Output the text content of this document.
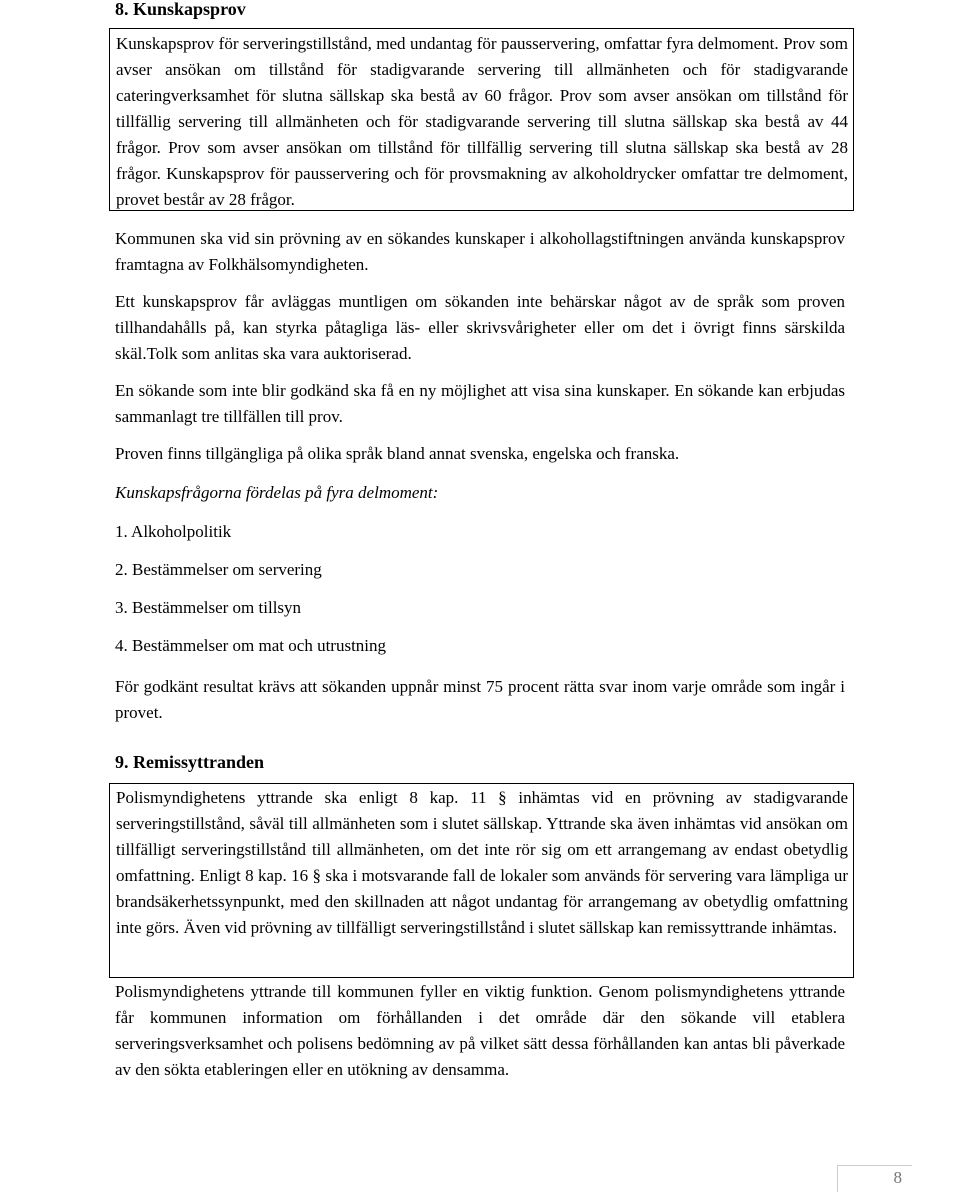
8. Kunskapsprov

Kunskapsprov för serveringstillstånd, med undantag för pausservering, omfattar fyra delmoment. Prov som avser ansökan om tillstånd för stadigvarande servering till allmänheten och för stadigvarande cateringverksamhet för slutna sällskap ska bestå av 60 frågor. Prov som avser ansökan om tillstånd för tillfällig servering till allmänheten och för stadigvarande servering till slutna sällskap ska bestå av 44 frågor. Prov som avser ansökan om tillstånd för tillfällig servering till slutna sällskap ska bestå av 28 frågor. Kunskapsprov för pausservering och för provsmakning av alkoholdrycker omfattar tre delmoment, provet består av 28 frågor.

Kommunen ska vid sin prövning av en sökandes kunskaper i alkohollagstiftningen använda kunskapsprov framtagna av Folkhälsomyndigheten.

Ett kunskapsprov får avläggas muntligen om sökanden inte behärskar något av de språk som proven tillhandahålls på, kan styrka påtagliga läs- eller skrivsvårigheter eller om det i övrigt finns särskilda skäl.Tolk som anlitas ska vara auktoriserad.

En sökande som inte blir godkänd ska få en ny möjlighet att visa sina kunskaper. En sökande kan erbjudas sammanlagt tre tillfällen till prov.

Proven finns tillgängliga på olika språk bland annat svenska, engelska och franska.

Kunskapsfrågorna fördelas på fyra delmoment:

1. Alkoholpolitik
2. Bestämmelser om servering
3. Bestämmelser om tillsyn
4. Bestämmelser om mat och utrustning

För godkänt resultat krävs att sökanden uppnår minst 75 procent rätta svar inom varje område som ingår i provet.

9. Remissyttranden

Polismyndighetens yttrande ska enligt 8 kap. 11 § inhämtas vid en prövning av stadigvarande serveringstillstånd, såväl till allmänheten som i slutet sällskap. Yttrande ska även inhämtas vid ansökan om tillfälligt serveringstillstånd till allmänheten, om det inte rör sig om ett arrangemang av endast obetydlig omfattning. Enligt 8 kap. 16 § ska i motsvarande fall de lokaler som används för servering vara lämpliga ur brandsäkerhetssynpunkt, med den skillnaden att något undantag för arrangemang av obetydlig omfattning inte görs. Även vid prövning av tillfälligt serveringstillstånd i slutet sällskap kan remissyttrande inhämtas.

Polismyndighetens yttrande till kommunen fyller en viktig funktion. Genom polismyndighetens yttrande får kommunen information om förhållanden i det område där den sökande vill etablera serveringsverksamhet och polisens bedömning av på vilket sätt dessa förhållanden kan antas bli påverkade av den sökta etableringen eller en utökning av densamma.

8
